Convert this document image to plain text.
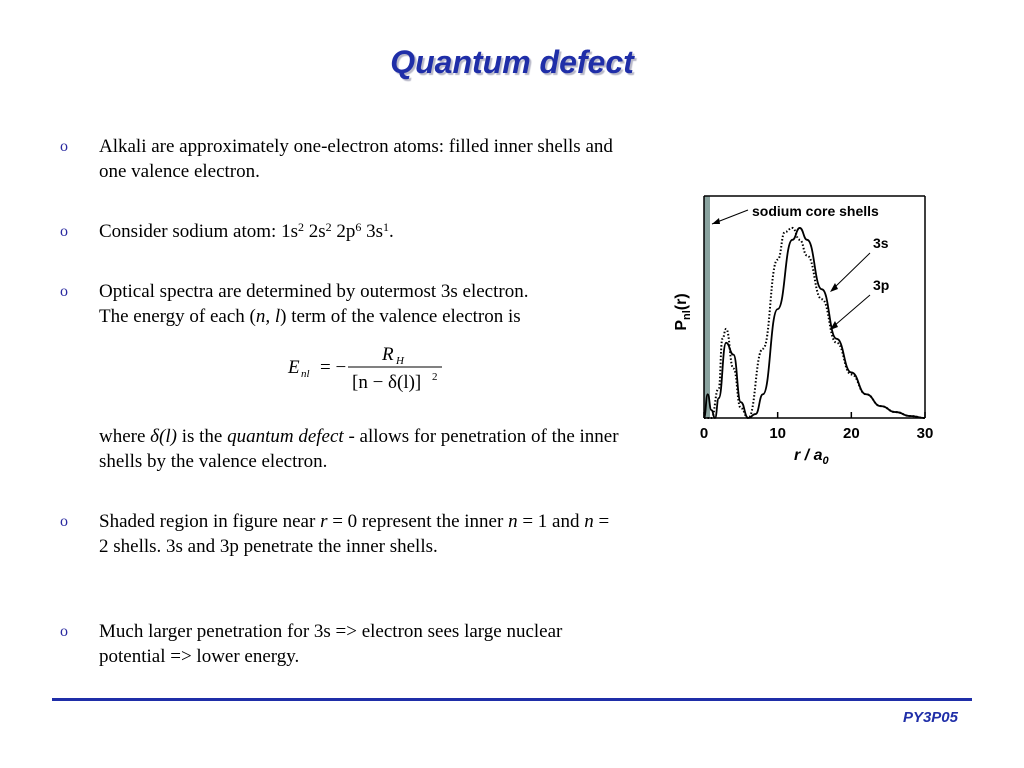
Quantum defect
o Alkali are approximately one-electron atoms: filled inner shells and one valence electron.
o Consider sodium atom: $1s^2$ $2s^2$ $2p^6$ $3s^1$.
o Optical spectra are determined by outermost 3s electron.
The energy of each (n, l) term of the valence electron is
E nl = −
R H
[n − δ(l)] 2
where δ(l) is the quantum defect - allows for penetration of the inner shells by the valence electron.
o Shaded region in figure near r = 0 represent the inner n = 1 and n = 2 shells. 3s and 3p penetrate the inner shells.
o Much larger penetration for 3s => electron sees large nuclear potential => lower energy.
0	10	20	30
sodium core shells
3s
3p
$P_{nl}(r)$
r / $a_0$
PY3P05
